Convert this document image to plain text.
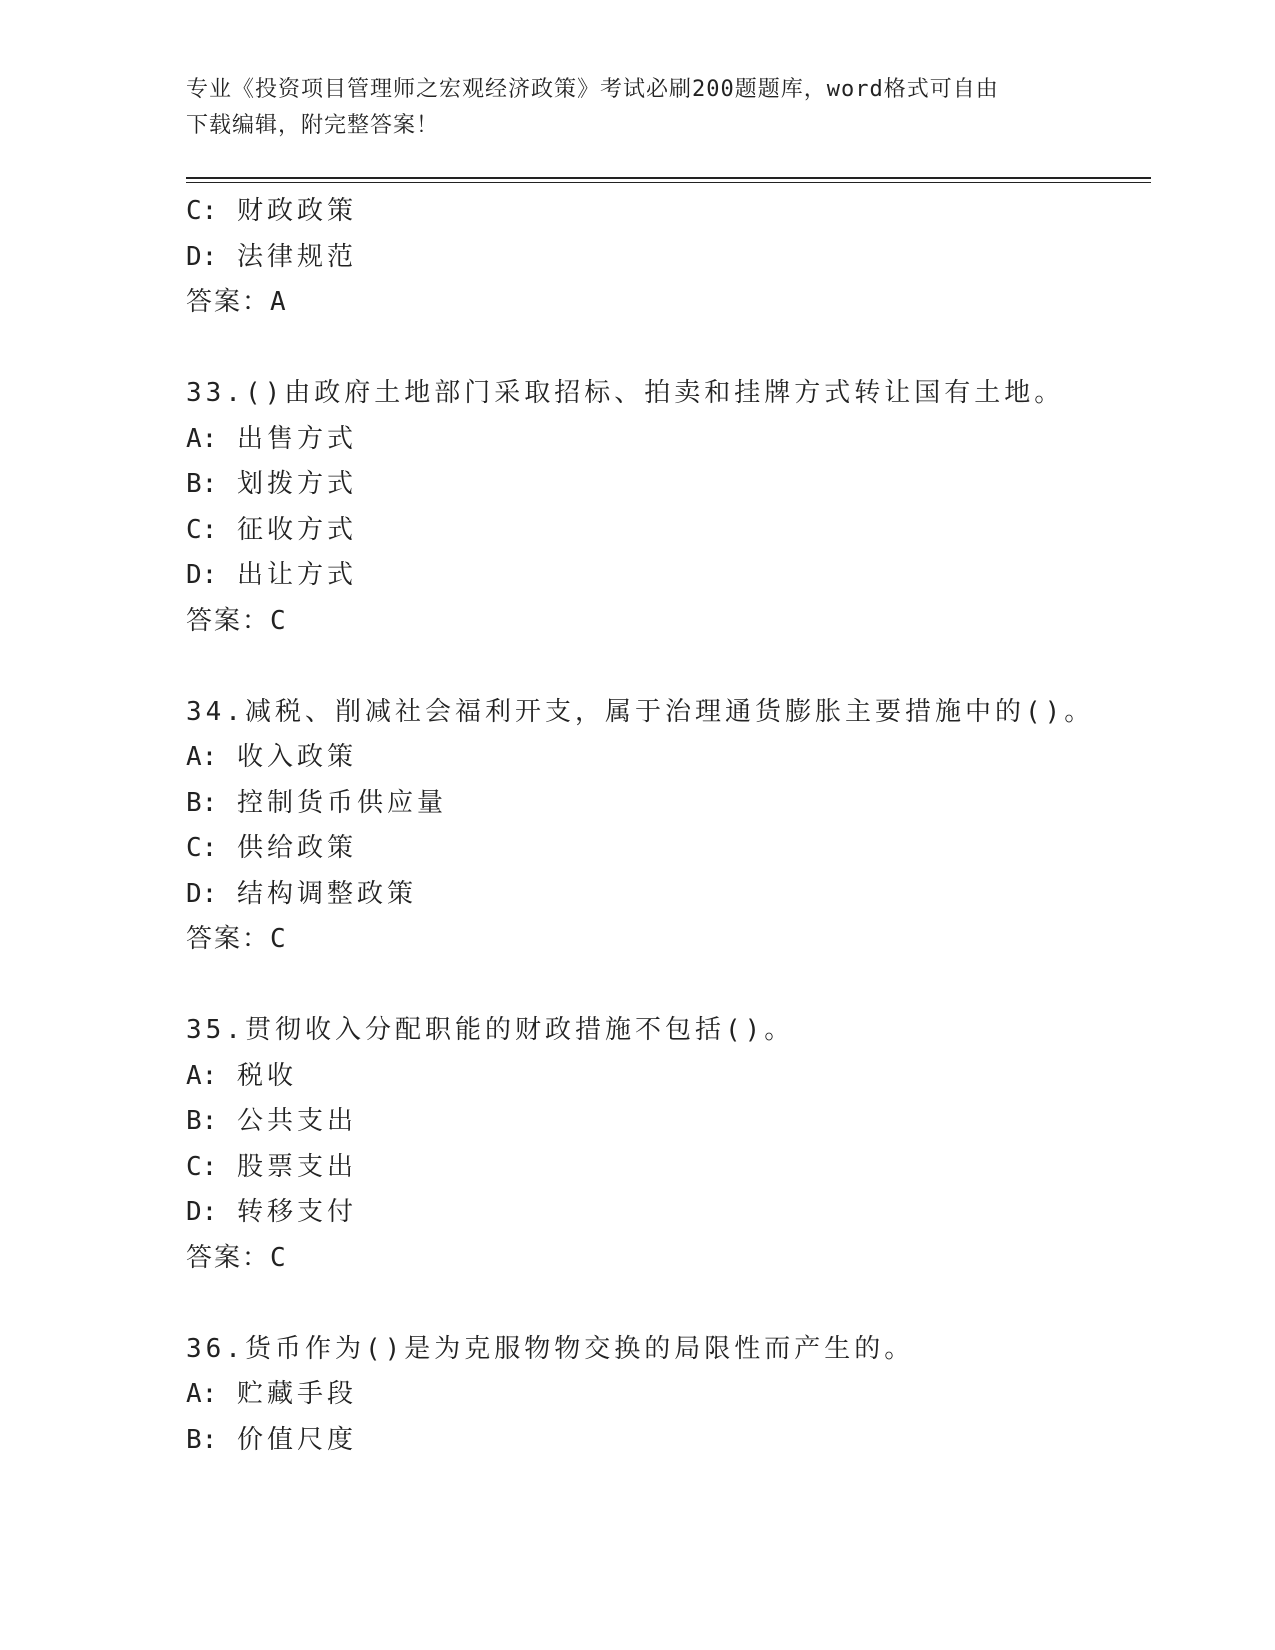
专业《投资项目管理师之宏观经济政策》考试必刷200题题库，word格式可自由
下载编辑，附完整答案！
C: 财政政策
D: 法律规范
答案：A
33.()由政府土地部门采取招标、拍卖和挂牌方式转让国有土地。
A: 出售方式
B: 划拨方式
C: 征收方式
D: 出让方式
答案：C
34.减税、削减社会福利开支，属于治理通货膨胀主要措施中的()。
A: 收入政策
B: 控制货币供应量
C: 供给政策
D: 结构调整政策
答案：C
35.贯彻收入分配职能的财政措施不包括()。
A: 税收
B: 公共支出
C: 股票支出
D: 转移支付
答案：C
36.货币作为()是为克服物物交换的局限性而产生的。
A: 贮藏手段
B: 价值尺度
